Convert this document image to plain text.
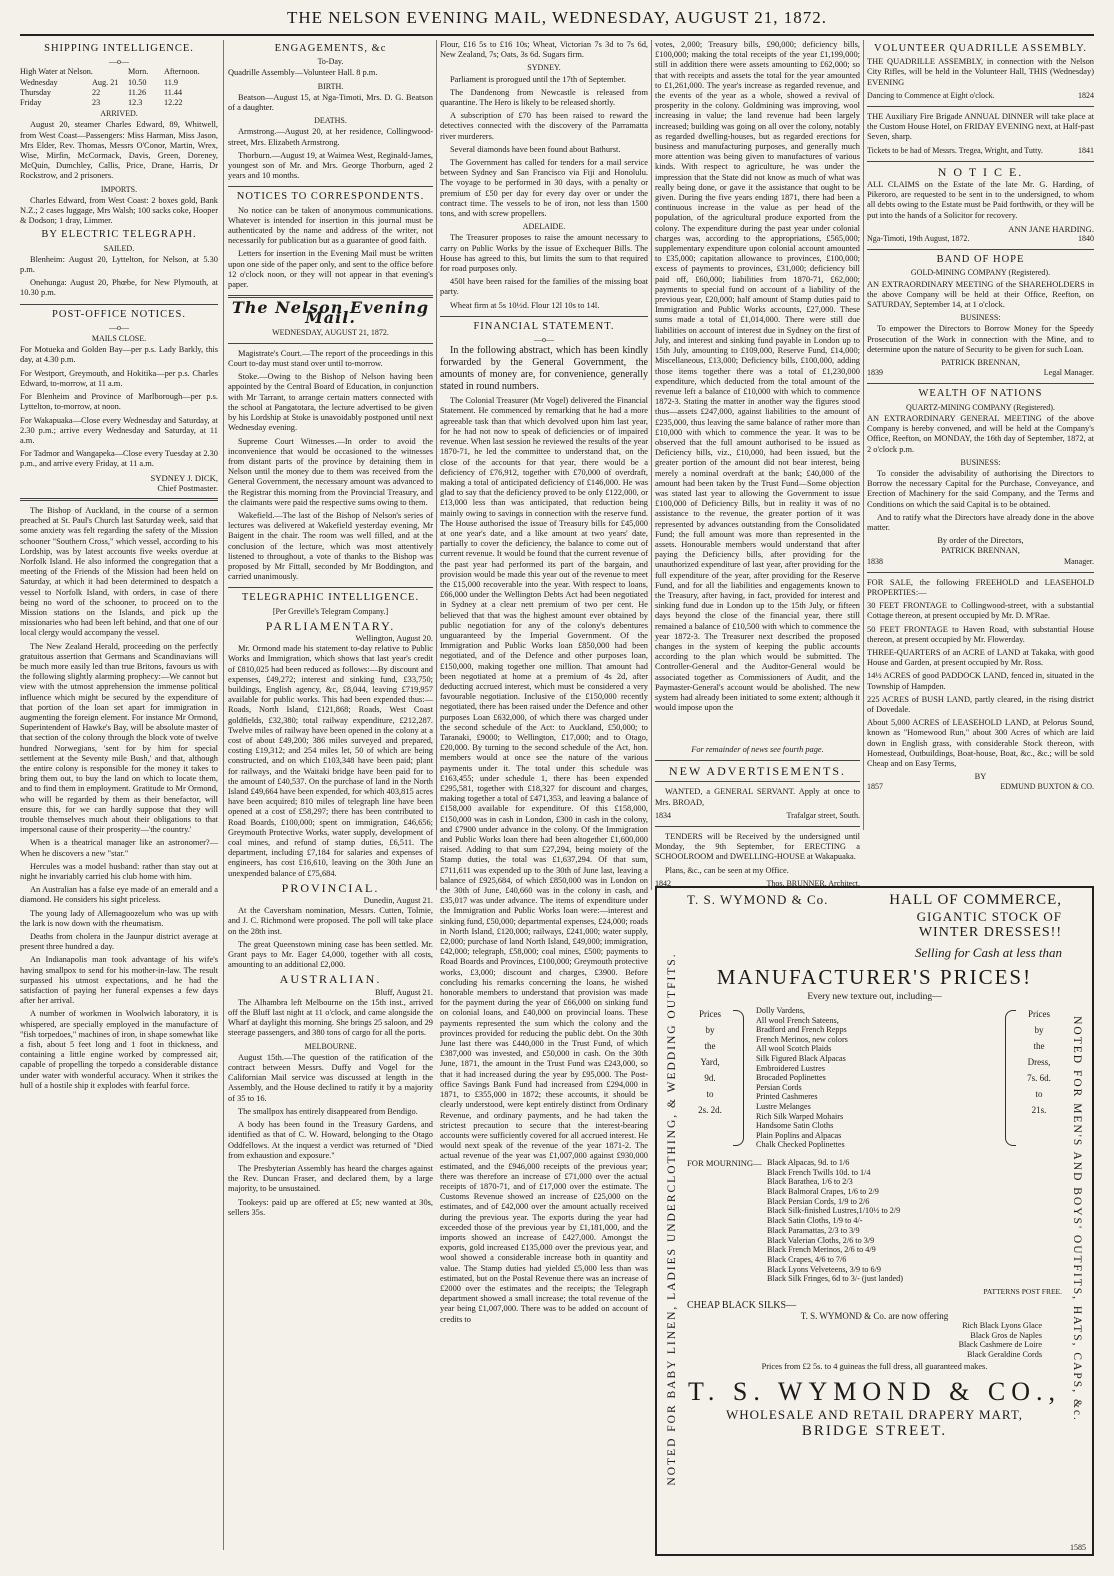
THE NELSON EVENING MAIL, WEDNESDAY, AUGUST 21, 1872.
SHIPPING INTELLIGENCE.
—o—
High Water at Nelson.	Morn.	Afternoon.
Wednesday	Aug. 21	10.50	11.9
Thursday	22	11.26	11.44
Friday	23	12.3	12.22
ARRIVED.

August 20, steamer Charles Edward, 89, Whitwell, from West Coast—Passengers: Miss Harman, Miss Jason, Mrs Elder, Rev. Thomas, Messrs O'Conor, Martin, Wrex, Wise, Mirfin, McCormack, Davis, Green, Doreney, McQuin, Dumchley, Callis, Price, Drane, Harris, Dr Rockstrow, and 2 prisoners.

IMPORTS.

Charles Edward, from West Coast: 2 boxes gold, Bank N.Z.; 2 cases luggage, Mrs Walsh; 100 sacks coke, Hooper & Dodson; 1 dray, Limmer.

BY ELECTRIC TELEGRAPH.
SAILED.

Blenheim: August 20, Lyttelton, for Nelson, at 5.30 p.m.

Onehunga: August 20, Phœbe, for New Plymouth, at 10.30 p.m.

POST-OFFICE NOTICES.
—o—
MAILS CLOSE.

For Motueka and Golden Bay—per p.s. Lady Barkly, this day, at 4.30 p.m.

For Westport, Greymouth, and Hokitika—per p.s. Charles Edward, to-morrow, at 11 a.m.

For Blenheim and Province of Marlborough—per p.s. Lyttelton, to-morrow, at noon.

For Wakapuaka—Close every Wednesday and Saturday, at 2.30 p.m.; arrive every Wednesday and Saturday, at 11 a.m.

For Tadmor and Wangapeka—Close every Tuesday at 2.30 p.m., and arrive every Friday, at 11 a.m.

SYDNEY J. DICK,
Chief Postmaster.

The Bishop of Auckland, in the course of a sermon preached at St. Paul's Church last Saturday week, said that some anxiety was felt regarding the safety of the Mission schooner "Southern Cross," which vessel, according to his Lordship, was by latest accounts five weeks overdue at Norfolk Island. He also informed the congregation that a meeting of the Friends of the Mission had been held on Saturday, at which it had been determined to despatch a vessel to Norfolk Island, with orders, in case of there being no word of the schooner, to proceed on to the Mission stations on the Islands, and pick up the missionaries who had been left behind, and that one of our local clergy would accompany the vessel.

The New Zealand Herald, proceeding on the perfectly gratuitous assertion that Germans and Scandinavians will be much more easily led than true Britons, favours us with the following slightly alarming prophecy:—We cannot but view with the utmost apprehension the immense political influence which might be secured by the expenditure of that portion of the loan set apart for immigration in augmenting the foreign element. For instance Mr Ormond, Superintendent of Hawke's Bay, will be absolute master of that section of the colony through the block vote of twelve hundred Norwegians, 'sent for by him for special settlement at the Seventy mile Bush,' and that, although the entire colony is responsible for the money it takes to bring them out, to buy the land on which to locate them, and to find them in employment. Gratitude to Mr Ormond, who will be regarded by them as their benefactor, will ensure this, for we can hardly suppose that they will trouble themselves much about their obligations to that impersonal cause of their prosperity—'the country.'

When is a theatrical manager like an astronomer?—When he discovers a new "star."

Hercules was a model husband: rather than stay out at night he invariably carried his club home with him.

An Australian has a false eye made of an emerald and a diamond. He considers his sight priceless.

The young lady of Allemagoozelum who was up with the lark is now down with the rheumatism.

Deaths from cholera in the Jaunpur district average at present three hundred a day.

An Indianapolis man took advantage of his wife's having smallpox to send for his mother-in-law. The result surpassed his utmost expectations, and he had the satisfaction of paying her funeral expenses a few days after her arrival.

A number of workmen in Woolwich laboratory, it is whispered, are specially employed in the manufacture of "fish torpedoes," machines of iron, in shape somewhat like a fish, about 5 feet long and 1 foot in thickness, and containing a little engine worked by compressed air, capable of propelling the torpedo a considerable distance under water with wonderful accuracy. When it strikes the hull of a hostile ship it explodes with fearful force.

ENGAGEMENTS, &c
To-Day.

Quadrille Assembly—Volunteer Hall. 8 p.m.

BIRTH.

Beatson—August 15, at Nga-Timoti, Mrs. D. G. Beatson of a daughter.

DEATHS.

Armstrong.—August 20, at her residence, Collingwood-street, Mrs. Elizabeth Armstrong.

Thorburn.—August 19, at Waimea West, Reginald-James, youngest son of Mr. and Mrs. George Thorburn, aged 2 years and 10 months.

NOTICES TO CORRESPONDENTS.

No notice can be taken of anonymous communications. Whatever is intended for insertion in this journal must be authenticated by the name and address of the writer, not necessarily for publication but as a guarantee of good faith.

Letters for insertion in the Evening Mail must be written upon one side of the paper only, and sent to the office before 12 o'clock noon, or they will not appear in that evening's paper.

The Nelson Evening Mail.
WEDNESDAY, AUGUST 21, 1872.

Magistrate's Court.—The report of the proceedings in this Court to-day must stand over until to-morrow.

Stoke.—Owing to the Bishop of Nelson having been appointed by the Central Board of Education, in conjunction with Mr Tarrant, to arrange certain matters connected with the school at Pangatotara, the lecture advertised to be given by his Lordship at Stoke is unavoidably postponed until next Wednesday evening.

Supreme Court Witnesses.—In order to avoid the inconvenience that would be occasioned to the witnesses from distant parts of the province by detaining them in Nelson until the money due to them was received from the General Government, the necessary amount was advanced to the Registrar this morning from the Provincial Treasury, and the claimants were paid the respective sums owing to them.

Wakefield.—The last of the Bishop of Nelson's series of lectures was delivered at Wakefield yesterday evening, Mr Baigent in the chair. The room was well filled, and at the conclusion of the lecture, which was most attentively listened to throughout, a vote of thanks to the Bishop was proposed by Mr Fittall, seconded by Mr Boddington, and carried unanimously.

TELEGRAPHIC INTELLIGENCE.
[Per Greville's Telegram Company.]
PARLIAMENTARY.
Wellington, August 20.

Mr. Ormond made his statement to-day relative to Public Works and Immigration, which shows that last year's credit of £810,025 had been reduced as follows:—By discount and expenses, £49,272; interest and sinking fund, £33,750; buildings, English agency, &c, £8,044, leaving £719,957 available for public works. This had been expended thus:—Roads, North Island, £121,868; Roads, West Coast goldfields, £32,380; total railway expenditure, £212,287. Twelve miles of railway have been opened in the colony at a cost of about £49,200; 386 miles surveyed and prepared, costing £19,312; and 254 miles let, 50 of which are being constructed, and on which £103,348 have been paid; plant for railways, and the Waitaki bridge have been paid for to the amount of £40,537. On the purchase of land in the North Island £49,664 have been expended, for which 403,815 acres have been acquired; 810 miles of telegraph line have been opened at a cost of £58,297; there has been contributed to Road Boards, £100,000; spent on immigration, £46,656; Greymouth Protective Works, water supply, development of coal mines, and refund of stamp duties, £6,511. The department, including £7,184 for salaries and expenses of engineers, has cost £16,610, leaving on the 30th June an unexpended balance of £75,684.

PROVINCIAL.
Dunedin, August 21.

At the Caversham nomination, Messrs. Cutten, Tolmie, and J. C. Richmond were proposed. The poll will take place on the 28th inst.

The great Queenstown mining case has been settled. Mr. Grant pays to Mr. Eager £4,000, together with all costs, amounting to an additional £2,000.

AUSTRALIAN.
Bluff, August 21.

The Alhambra left Melbourne on the 15th inst., arrived off the Bluff last night at 11 o'clock, and came alongside the Wharf at daylight this morning. She brings 25 saloon, and 29 steerage passengers, and 380 tons of cargo for all the ports.

MELBOURNE.

August 15th.—The question of the ratification of the contract between Messrs. Duffy and Vogel for the Californian Mail service was discussed at length in the Assembly, and the House declined to ratify it by a majority of 35 to 16.

The smallpox has entirely disappeared from Bendigo.

A body has been found in the Treasury Gardens, and identified as that of C. W. Howard, belonging to the Otago Oddfellows. At the inquest a verdict was returned of "Died from exhaustion and exposure."

The Presbyterian Assembly has heard the charges against the Rev. Duncan Fraser, and declared them, by a large majority, to be unsustained.

Tookeys: paid up are offered at £5; new wanted at 30s, sellers 35s.

Flour, £16 5s to £16 10s; Wheat, Victorian 7s 3d to 7s 6d, New Zealand, 7s; Oats, 3s 6d. Sugars firm.

SYDNEY.

Parliament is prorogued until the 17th of September.

The Dandenong from Newcastle is released from quarantine. The Hero is likely to be released shortly.

A subscription of £70 has been raised to reward the detectives connected with the discovery of the Parramatta river murderers.

Several diamonds have been found about Bathurst.

The Government has called for tenders for a mail service between Sydney and San Francisco via Fiji and Honolulu. The voyage to be performed in 30 days, with a penalty or premium of £50 per day for every day over or under the contract time. The vessels to be of iron, not less than 1500 tons, and with screw propellers.

ADELAIDE.

The Treasurer proposes to raise the amount necessary to carry on Public Works by the issue of Exchequer Bills. The House has agreed to this, but limits the sum to that required for road purposes only.

450l have been raised for the families of the missing boat party.

Wheat firm at 5s 10½d. Flour 12l 10s to 14l.

FINANCIAL STATEMENT.
—o—

In the following abstract, which has been kindly forwarded by the General Government, the amounts of money are, for convenience, generally stated in round numbers.

The Colonial Treasurer (Mr Vogel) delivered the Financial Statement. He commenced by remarking that he had a more agreeable task than that which devolved upon him last year, for he had not now to speak of deficiencies or of impaired revenue. When last session he reviewed the results of the year 1870-71, he led the committee to understand that, on the close of the accounts for that year, there would be a deficiency of £76,912, together with £70,000 of overdraft, making a total of anticipated deficiency of £146,000. He was glad to say that the deficiency proved to be only £122,000, or £13,000 less than was anticipated, that reduction being mainly owing to savings in connection with the reserve fund. The House authorised the issue of Treasury bills for £45,000 at one year's date, and a like amount at two years' date, partially to cover the deficiency, the balance to come out of current revenue. It would be found that the current revenue of the past year had performed its part of the bargain, and provision would be made this year out of the revenue to meet the £15,000 recoverable into the year. With respect to loans, £66,000 under the Wellington Debts Act had been negotiated in Sydney at a clear nett premium of two per cent. He believed that that was the highest amount ever obtained by public negotiation for any of the colony's debentures unguaranteed by the Imperial Government. Of the Immigration and Public Works loan £850,000 had been negotiated, and of the Defence and other purposes loan, £150,000, making together one million. That amount had been negotiated at home at a premium of 4s 2d, after deducting accrued interest, which must be considered a very favourable negotiation. Inclusive of the £150,000 recently negotiated, there has been raised under the Defence and other purposes Loan £632,000, of which there was charged under the second schedule of the Act: to Auckland, £50,000; to Taranaki, £9000; to Wellington, £17,000; and to Otago, £20,000. By turning to the second schedule of the Act, hon. members would at once see the nature of the various payments under it. The total under this schedule was £163,455; under schedule 1, there has been expended £295,581, together with £18,327 for discount and charges, making together a total of £471,353, and leaving a balance of £158,000 available for expenditure. Of this £158,000, £150,000 was in cash in London, £300 in cash in the colony, and £7900 under advance in the colony. Of the Immigration and Public Works loan there had been altogether £1,600,000 raised. Adding to that sum £27,294, being moiety of the Stamp duties, the total was £1,637,294. Of that sum, £711,611 was expended up to the 30th of June last, leaving a balance of £925,684, of which £850,000 was in London on the 30th of June, £40,660 was in the colony in cash, and £35,017 was under advance. The items of expenditure under the Immigration and Public Works loan were:—interest and sinking fund, £50,000; departmental expenses, £24,000; roads in North Island, £120,000; railways, £241,000; water supply, £2,000; purchase of land North Island, £49,000; immigration, £42,000; telegraph, £58,000; coal mines, £500; payments to Road Boards and Provinces, £100,000; Greymouth protective works, £3,000; discount and charges, £3900. Before concluding his remarks concerning the loans, he wished honorable members to understand that provision was made for the payment during the year of £66,000 on sinking fund on colonial loans, and £40,000 on provincial loans. These payments represented the sum which the colony and the provinces provided for reducing the public debt. On the 30th June last there was £440,000 in the Trust Fund, of which £387,000 was invested, and £50,000 in cash. On the 30th June, 1871, the amount in the Trust Fund was £243,000, so that it had increased during the year by £95,000. The Post-office Savings Bank Fund had increased from £294,000 in 1871, to £355,000 in 1872; these accounts, it should be clearly understood, were kept entirely distinct from Ordinary Revenue, and ordinary payments, and he had taken the strictest precaution to secure that the interest-bearing accounts were sufficiently covered for all accrued interest. He would next speak of the revenue of the year 1871-2. The actual revenue of the year was £1,007,000 against £930,000 estimated, and the £946,000 receipts of the previous year; there was therefore an increase of £71,000 over the actual receipts of 1870-71, and of £17,000 over the estimate. The Customs Revenue showed an increase of £25,000 on the estimates, and of £42,000 over the amount actually received during the previous year. The exports during the year had exceeded those of the previous year by £1,181,000, and the imports showed an increase of £427,000. Amongst the exports, gold increased £135,000 over the previous year, and wool showed a considerable increase both in quantity and value. The Stamp duties had yielded £5,000 less than was estimated, but on the Postal Revenue there was an increase of £2000 over the estimates and the receipts; the Telegraph department showed a small increase; the total revenue of the year being £1,007,000. There was to be added on account of credits to

votes, 2,000; Treasury bills, £90,000; deficiency bills, £100,000; making the total receipts of the year £1,199,000; still in addition there were assets amounting to £62,000; so that with receipts and assets the total for the year amounted to £1,261,000. The year's increase as regarded revenue, and the events of the year as a whole, showed a revival of prosperity in the colony. Goldmining was improving, wool increasing in value; the land revenue had been largely increased; building was going on all over the colony, notably as regarded dwelling-houses, but as regarded erections for business and manufacturing purposes, and generally much more attention was being given to manufactures of various kinds. With respect to agriculture, he was under the impression that the State did not know as much of what was really being done, or gave it the assistance that ought to be given. During the five years ending 1871, there had been a continuous increase in the value as per head of the population, of the agricultural produce exported from the colony. The expenditure during the past year under colonial charges was, according to the appropriations, £565,000; supplementary expenditure upon colonial account amounted to £35,000; capitation allowance to provinces, £100,000; excess of payments to provinces, £31,000; deficiency bill paid off, £60,000; liabilities from 1870-71, £62,000; payments to special fund on account of a liability of the previous year, £20,000; half amount of Stamp duties paid to Immigration and Public Works accounts, £27,000. These sums made a total of £1,014,000. There were still due liabilities on account of interest due in Sydney on the first of July, and interest and sinking fund payable in London up to 15th July, amounting to £109,000, Reserve Fund, £14,000; Miscellaneous, £13,000; Deficiency bills, £100,000, adding those items together there was a total of £1,230,000 expenditure, which deducted from the total amount of the revenue left a balance of £10,000 with which to commence 1872-3. Stating the matter in another way the figures stood thus—assets £247,000, against liabilities to the amount of £235,000, thus leaving the same balance of rather more than £10,000 with which to commence the year. It was to be observed that the full amount authorised to be issued as Deficiency bills, viz., £10,000, had been issued, but the greater portion of the amount did not bear interest, being merely a nominal overdraft at the bank; £40,000 of the amount had been taken by the Trust Fund—Some objection was stated last year to allowing the Government to issue £100,000 of Deficiency Bills, but in reality it was of no assistance to the revenue, the greater portion of it was represented by advances outstanding from the Consolidated Fund; the full amount was more than represented in the assets. Honourable members would understand that after paying the Deficiency bills, after providing for the unauthorized expenditure of last year, after providing for the full expenditure of the year, after providing for the Reserve Fund, and for all the liabilities and engagements known to the Treasury, after having, in fact, provided for interest and sinking fund due in London up to the 15th July, or fifteen days beyond the close of the financial year, there still remained a balance of £10,500 with which to commence the year 1872-3. The Treasurer next described the proposed changes in the system of keeping the public accounts according to the plan which would be submitted. The Controller-General and the Auditor-General would be associated together as Commissioners of Audit, and the Paymaster-General's account would be abolished. The new system had already been initiated to some extent; although it would impose upon the

For remainder of news see fourth page.
NEW ADVERTISEMENTS.

WANTED, a GENERAL SERVANT. Apply at once to Mrs. BROAD,

1834	Trafalgar street, South.

TENDERS will be Received by the undersigned until Monday, the 9th September, for ERECTING a SCHOOLROOM and DWELLING-HOUSE at Wakapuaka.

Plans, &c., can be seen at my Office.

1842	Thos. BRUNNER, Architect.
VOLUNTEER QUADRILLE ASSEMBLY.

THE QUADRILLE ASSEMBLY, in connection with the Nelson City Rifles, will be held in the Volunteer Hall, THIS (Wednesday) EVENING

Dancing to Commence at Eight o'clock.	1824

THE Auxiliary Fire Brigade ANNUAL DINNER will take place at the Custom House Hotel, on FRIDAY EVENING next, at Half-past Seven, sharp.

Tickets to be had of Messrs. Tregea, Wright, and Tutty.	1841
N O T I C E.

ALL CLAIMS on the Estate of the late Mr. G. Harding, of Pikeroro, are requested to be sent in to the undersigned, to whom all debts owing to the Estate must be Paid forthwith, or they will be put into the hands of a Solicitor for recovery.

ANN JANE HARDING.
Nga-Timoti, 19th August, 1872.	1840
BAND OF HOPE
GOLD-MINING COMPANY (Registered).

AN EXTRAORDINARY MEETING of the SHAREHOLDERS in the above Company will be held at their Office, Reefton, on SATURDAY, September 14, at 1 o'clock.

BUSINESS:

To empower the Directors to Borrow Money for the Speedy Prosecution of the Work in connection with the Mine, and to determine upon the nature of Security to be given for such Loan.

PATRICK BRENNAN,
1839	Legal Manager.
WEALTH OF NATIONS
QUARTZ-MINING COMPANY (Registered).

AN EXTRAORDINARY GENERAL MEETING of the above Company is hereby convened, and will be held at the Company's Office, Reefton, on MONDAY, the 16th day of September, 1872, at 2 o'clock p.m.

BUSINESS:

To consider the advisability of authorising the Directors to Borrow the necessary Capital for the Purchase, Conveyance, and Erection of Machinery for the said Company, and the Terms and Conditions on which the said Capital is to be obtained.

And to ratify what the Directors have already done in the above matter.

By order of the Directors,
PATRICK BRENNAN,
1838	Manager.

FOR SALE, the following FREEHOLD and LEASEHOLD PROPERTIES:—

30 FEET FRONTAGE to Collingwood-street, with a substantial Cottage thereon, at present occupied by Mr. D. M'Rae.

50 FEET FRONTAGE to Haven Road, with substantial House thereon, at present occupied by Mr. Flowerday.

THREE-QUARTERS of an ACRE of LAND at Takaka, with good House and Garden, at present occupied by Mr. Ross.

14½ ACRES of good PADDOCK LAND, fenced in, situated in the Township of Hampden.

225 ACRES of BUSH LAND, partly cleared, in the rising district of Dovedale.

About 5,000 ACRES of LEASEHOLD LAND, at Pelorus Sound, known as "Homewood Run," about 300 Acres of which are laid down in English grass, with considerable Stock thereon, with Homestead, Outbuildings, Boat-house, Boat, &c., &c.; will be sold Cheap and on Easy Terms,

BY
1857	EDMUND BUXTON & CO.
NOTED FOR BABY LINEN, LADIES UNDERCLOTHING, & WEDDING OUTFITS.	NOTED FOR MEN'S AND BOYS' OUTFITS, HATS, CAPS, &c.
T. S. WYMOND & Co.	HALL OF COMMERCE,
GIGANTIC STOCK OF
WINTER DRESSES!!
Selling for Cash at less than
MANUFACTURER'S PRICES!
Every new texture out, including—
Prices
by
the
Yard,
9d.
to
2s. 2d.
Dolly Vardens,
All wool French Sateens,
Bradford and French Repps
French Merinos, new colors
All wool Scotch Plaids
Silk Figured Black Alpacas
Embroidered Lustres
Brocaded Poplinettes
Persian Cords
Printed Cashmeres
Lustre Melanges
Rich Silk Warped Mohairs
Handsome Satin Cloths
Plain Poplins and Alpacas
Chalk Checked Poplinettes
Prices
by
the
Dress,
7s. 6d.
to
21s.
FOR MOURNING— Black Alpacas, 9d. to 1/6
Black French Twills 10d. to 1/4
Black Barathea, 1/6 to 2/3
Black Balmoral Crapes, 1/6 to 2/9
Black Persian Cords, 1/9 to 2/6
Black Silk-finished Lustres,1/10½ to 2/9
Black Satin Cloths, 1/9 to 4/-
Black Paramattas, 2/3 to 3/9
Black Valerian Cloths, 2/6 to 3/9
Black French Merinos, 2/6 to 4/9
Black Crapes, 4/6 to 7/6
Black Lyons Velveteens, 3/9 to 6/9
Black Silk Fringes, 6d to 3/- (just landed)
PATTERNS POST FREE.
CHEAP BLACK SILKS—
T. S. WYMOND & Co. are now offering
Rich Black Lyons Glace
Black Gros de Naples
Black Cashmere de Loire
Black Geraldine Cords
Prices from £2 5s. to 4 guineas the full dress, all guaranteed makes.
T. S. WYMOND & CO.,
WHOLESALE AND RETAIL DRAPERY MART,
BRIDGE STREET.
1585
